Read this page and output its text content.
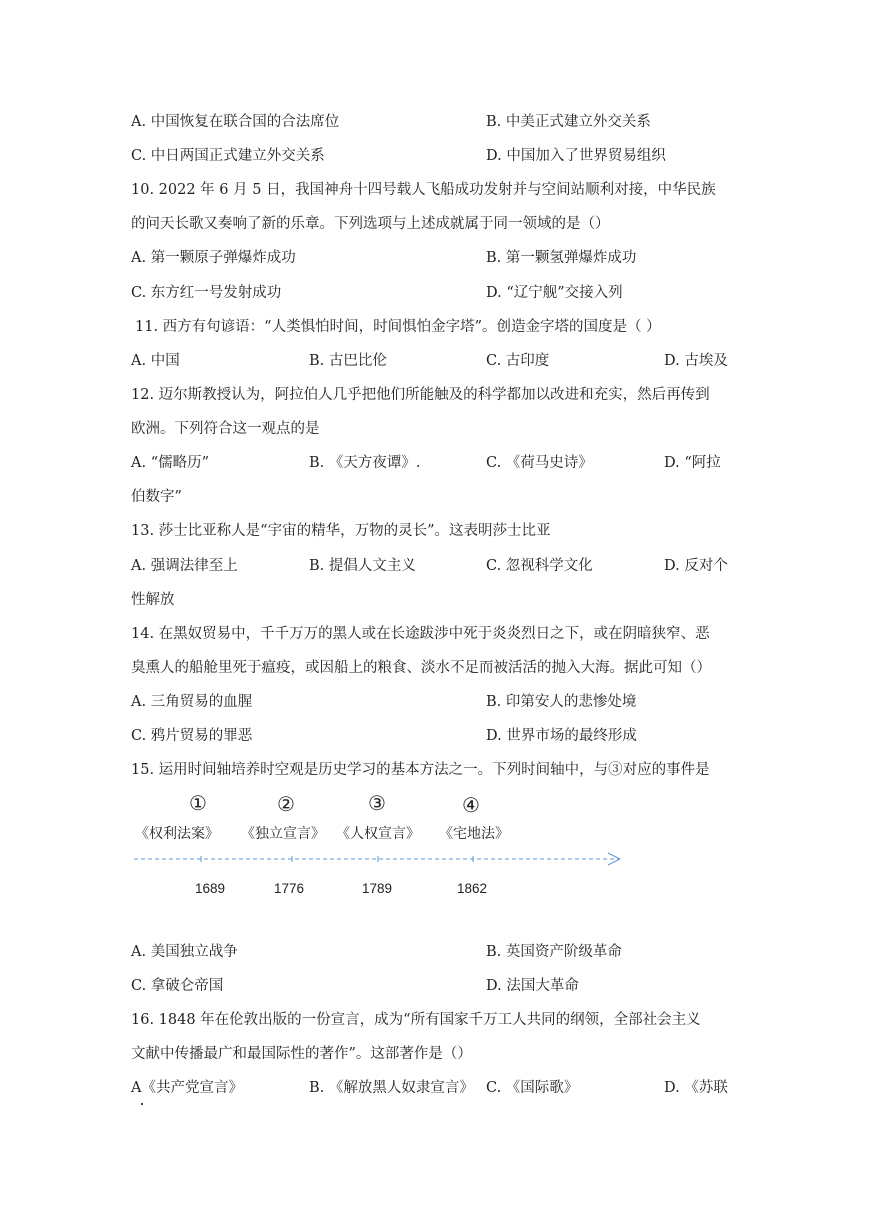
A. 中国恢复在联合国的合法席位	B. 中美正式建立外交关系
C. 中日两国正式建立外交关系	D. 中国加入了世界贸易组织
10. 2022 年 6 月 5 日，我国神舟十四号载人飞船成功发射并与空间站顺利对接，中华民族
的问天长歌又奏响了新的乐章。下列选项与上述成就属于同一领域的是（）
A. 第一颗原子弹爆炸成功	B. 第一颗氢弹爆炸成功
C. 东方红一号发射成功	D. “辽宁舰”交接入列
11. 西方有句谚语：“人类惧怕时间，时间惧怕金字塔”。创造金字塔的国度是（ ）
A. 中国	B. 古巴比伦	C. 古印度	D. 古埃及
12. 迈尔斯教授认为，阿拉伯人几乎把他们所能触及的科学都加以改进和充实，然后再传到
欧洲。下列符合这一观点的是
A. “儒略历”	B. 《天方夜谭》.	C. 《荷马史诗》	D. “阿拉
伯数字”
13. 莎士比亚称人是“宇宙的精华，万物的灵长”。这表明莎士比亚
A. 强调法律至上	B. 提倡人文主义	C. 忽视科学文化	D. 反对个
性解放
14. 在黑奴贸易中，千千万万的黑人或在长途跋涉中死于炎炎烈日之下，或在阴暗狭窄、恶
臭熏人的船舱里死于瘟疫，或因船上的粮食、淡水不足而被活活的抛入大海。据此可知（）
A. 三角贸易的血腥	B. 印第安人的悲惨处境
C. 鸦片贸易的罪恶	D. 世界市场的最终形成
15. 运用时间轴培养时空观是历史学习的基本方法之一。下列时间轴中，与③对应的事件是
①	②	③	④
《权利法案》 《独立宣言》 《人权宣言》 《宅地法》
1689	1776	1789	1862
A. 美国独立战争	B. 英国资产阶级革命
C. 拿破仑帝国	D. 法国大革命
16. 1848 年在伦敦出版的一份宣言，成为“所有国家千万工人共同的纲领，全部社会主义
文献中传播最广和最国际性的著作”。这部著作是（）
A《共产党宣言》	B. 《解放黑人奴隶宣言》 C. 《国际歌》	D. 《苏联
